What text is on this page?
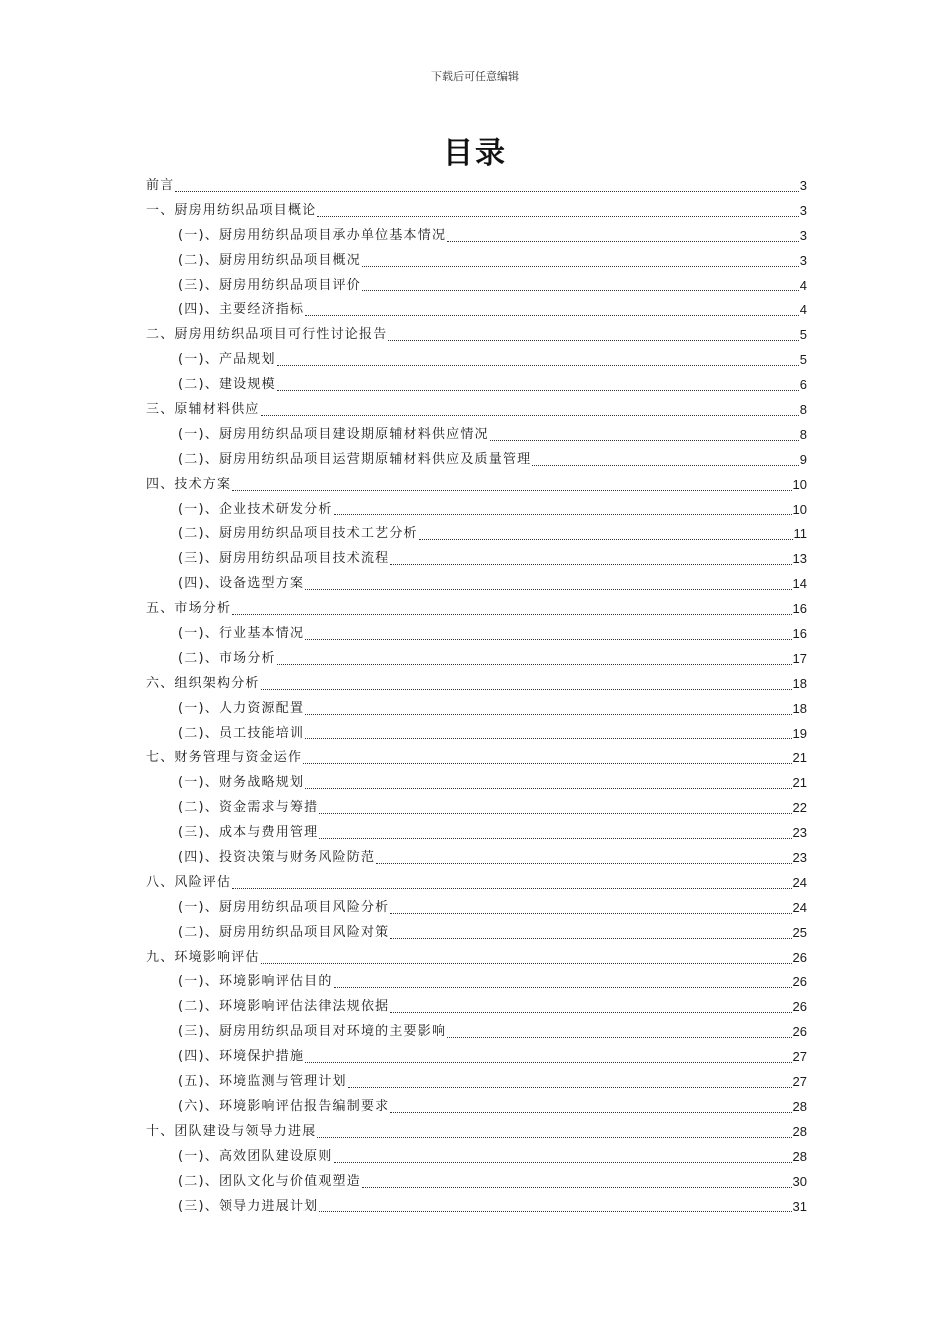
下载后可任意编辑
目录
前言	3
一、厨房用纺织品项目概论	3
(一)、厨房用纺织品项目承办单位基本情况	3
(二)、厨房用纺织品项目概况	3
(三)、厨房用纺织品项目评价	4
(四)、主要经济指标	4
二、厨房用纺织品项目可行性讨论报告	5
(一)、产品规划	5
(二)、建设规模	6
三、原辅材料供应	8
(一)、厨房用纺织品项目建设期原辅材料供应情况	8
(二)、厨房用纺织品项目运营期原辅材料供应及质量管理	9
四、技术方案	10
(一)、企业技术研发分析	10
(二)、厨房用纺织品项目技术工艺分析	11
(三)、厨房用纺织品项目技术流程	13
(四)、设备选型方案	14
五、市场分析	16
(一)、行业基本情况	16
(二)、市场分析	17
六、组织架构分析	18
(一)、人力资源配置	18
(二)、员工技能培训	19
七、财务管理与资金运作	21
(一)、财务战略规划	21
(二)、资金需求与筹措	22
(三)、成本与费用管理	23
(四)、投资决策与财务风险防范	23
八、风险评估	24
(一)、厨房用纺织品项目风险分析	24
(二)、厨房用纺织品项目风险对策	25
九、环境影响评估	26
(一)、环境影响评估目的	26
(二)、环境影响评估法律法规依据	26
(三)、厨房用纺织品项目对环境的主要影响	26
(四)、环境保护措施	27
(五)、环境监测与管理计划	27
(六)、环境影响评估报告编制要求	28
十、团队建设与领导力进展	28
(一)、高效团队建设原则	28
(二)、团队文化与价值观塑造	30
(三)、领导力进展计划	31
